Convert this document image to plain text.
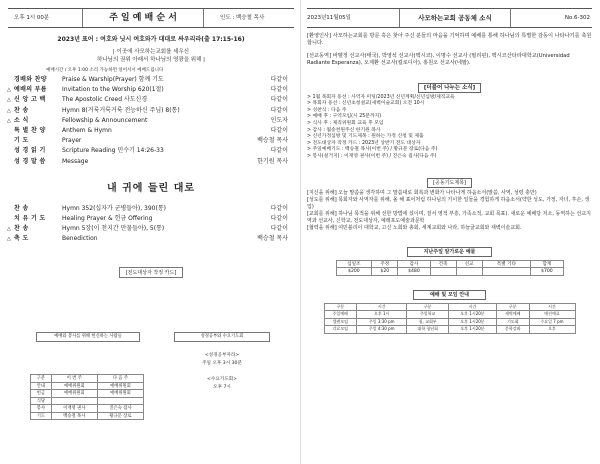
오후 1시 00분	주 일 예 배 순 서	인도 : 백승철 목사
2023년 표어 : 여호와 닛시 여호와가 대대로 싸우리라(출 17:15-16)
| 이곳에 사모하는교회를 세우신
하나님의 권위 아래서 하나님의 영광을 위해 |
예배시간 / 오후 1:00 소리 가능하면 일어서서 예배드립니다
경배와 찬양	Praise & Warship(Prayer) 함께 기도	다같이
△ 예배의 부름	Invitation to the Worship 620(1절)	다같이
△ 신 앙 고 백	The Apostolic Creed 사도신경	다같이
△ 찬 송	Hymn 8(거룩거룩거룩 전능하신 주님) 8(통)	다같이
△ 소 식	Fellowship & Announcement	인도자
특 별 찬 양	Anthem & Hymn	다같이
기 도	Prayer	백승철 목사
성 경 읽 기	Scripture Reading 민수기 14:26-33	다같이
성 경 말 씀	Message	한기원 목사
내 귀에 들린 대로
찬 송	Hymn 352(십자가 군병들아), 390(통)	다같이
치 유 기 도	Healing Prayer & 헌금 Offering	다같이
△ 찬 송	Hymn 5장(이 천지간 만물들아), 5(통)	다같이
△ 축 도	Benediction	백승철 목사
[전도대상자 작정 카드]
예배와 봉사를 위해 헌신하는 사람들	성경공부와 수요기도회
구분	이 번 주	다 음 주
안내	예배위원회	예배위원회
헌금	예배위원회	예배위원회
식당		
봉사	이재영 권사	진은숙 집사
기도	백승철 목사	황규문 장로
<성경공부자라>
주일 오후 3시 30분
<수요기도회>
오후 7시
2023년11월05일	사모하는교회 공동체 소식	No.6-302
[환영인사] 사모하는교회를 방문 혹은 찾아 주신 분들의 마음을 기억하며 예배를 통해 하나님의 특별한 감동이 나타나기를 축원합니다.
[선교동역] 바벨정 선교사(태국), 박영석 선교사(멕시코), 이명수 선교사 (필리핀), 멕시코산타라대학교(Universidad Radiante Esperanza), 오제환 선교사(킬로디아), 홍원오 선교사(네팔).
[더불어 나누는 소식]
> 1월 목회자 동선 : 사역자 미팅/2023년 신년계획/신년심방/제직교육
> 목회자 동선 : 신년초청설교(새벽이슬교회) 오전 10시
> 성찬식 : 다음 주
> 예배 후 : 구역모임(시 25분까지)
> 식사 후 : 제직위원회 교육 후 모임
> 감사 : 월송천원주신 한기원 목사
> 신년가정심방 및 기도제목 : 원하는 가정 신청 및 제출
> 전도대상자 작정 카드 : 2023년 상반기 전도 대상자
> 주일예배기도 : 백승철 목사(이번 주) / 황규문 장로(다음 주)
> 봉사(설거지) : 이재영 권사(이번 주) / 진은숙 집사(다음 주)
[공동기도제목]
[지신을 위해] 오늘 말씀을 생각하며 그 말씀대로 회복과 변화가 나타나게 하옵소서(말씀, 사역, 성령 충만)
[성도를 위해] 목회자와 사역자를 위해, 올 해 표어처럼 하나님의 기이한 일들을 경험하게 하옵소서(약한 성도, 가정, 자녀, 후손, 생업)
[교회를 위해] 하나님 목적을 위해 선한 방법에 섰이며, 질서 영적 부흥, 가족소적, 교회 목표). 새로운 예배당 처소, 동역하는 선교지역과 선교사, 신학교, 전도대상자, 예레포도예술과문학
[협력을 위해] 여민블리이 대학교, 고신 노회와 총회, 세계교회와 나라, 하늘굴교회와 새벽이슬교회.
지난주일 알가로운 예물
십일조	주정	감사	건축	선교	특별 기타	합계
$200	$20	$480				$700
예배 및 모임 안내
구분	시간	구분	시간	구분	시간
주일예배	오후 1시	주일학교	오후 1시20분	새벽예배	매진예료
셀렌모임	주일 3:30 pm	청, 교회부	오후 1시20분	기도회	수요일 7 pm
각료모임	주일 4:30 pm	대학 청년회	오후 1시20분	문학강좌	오후
